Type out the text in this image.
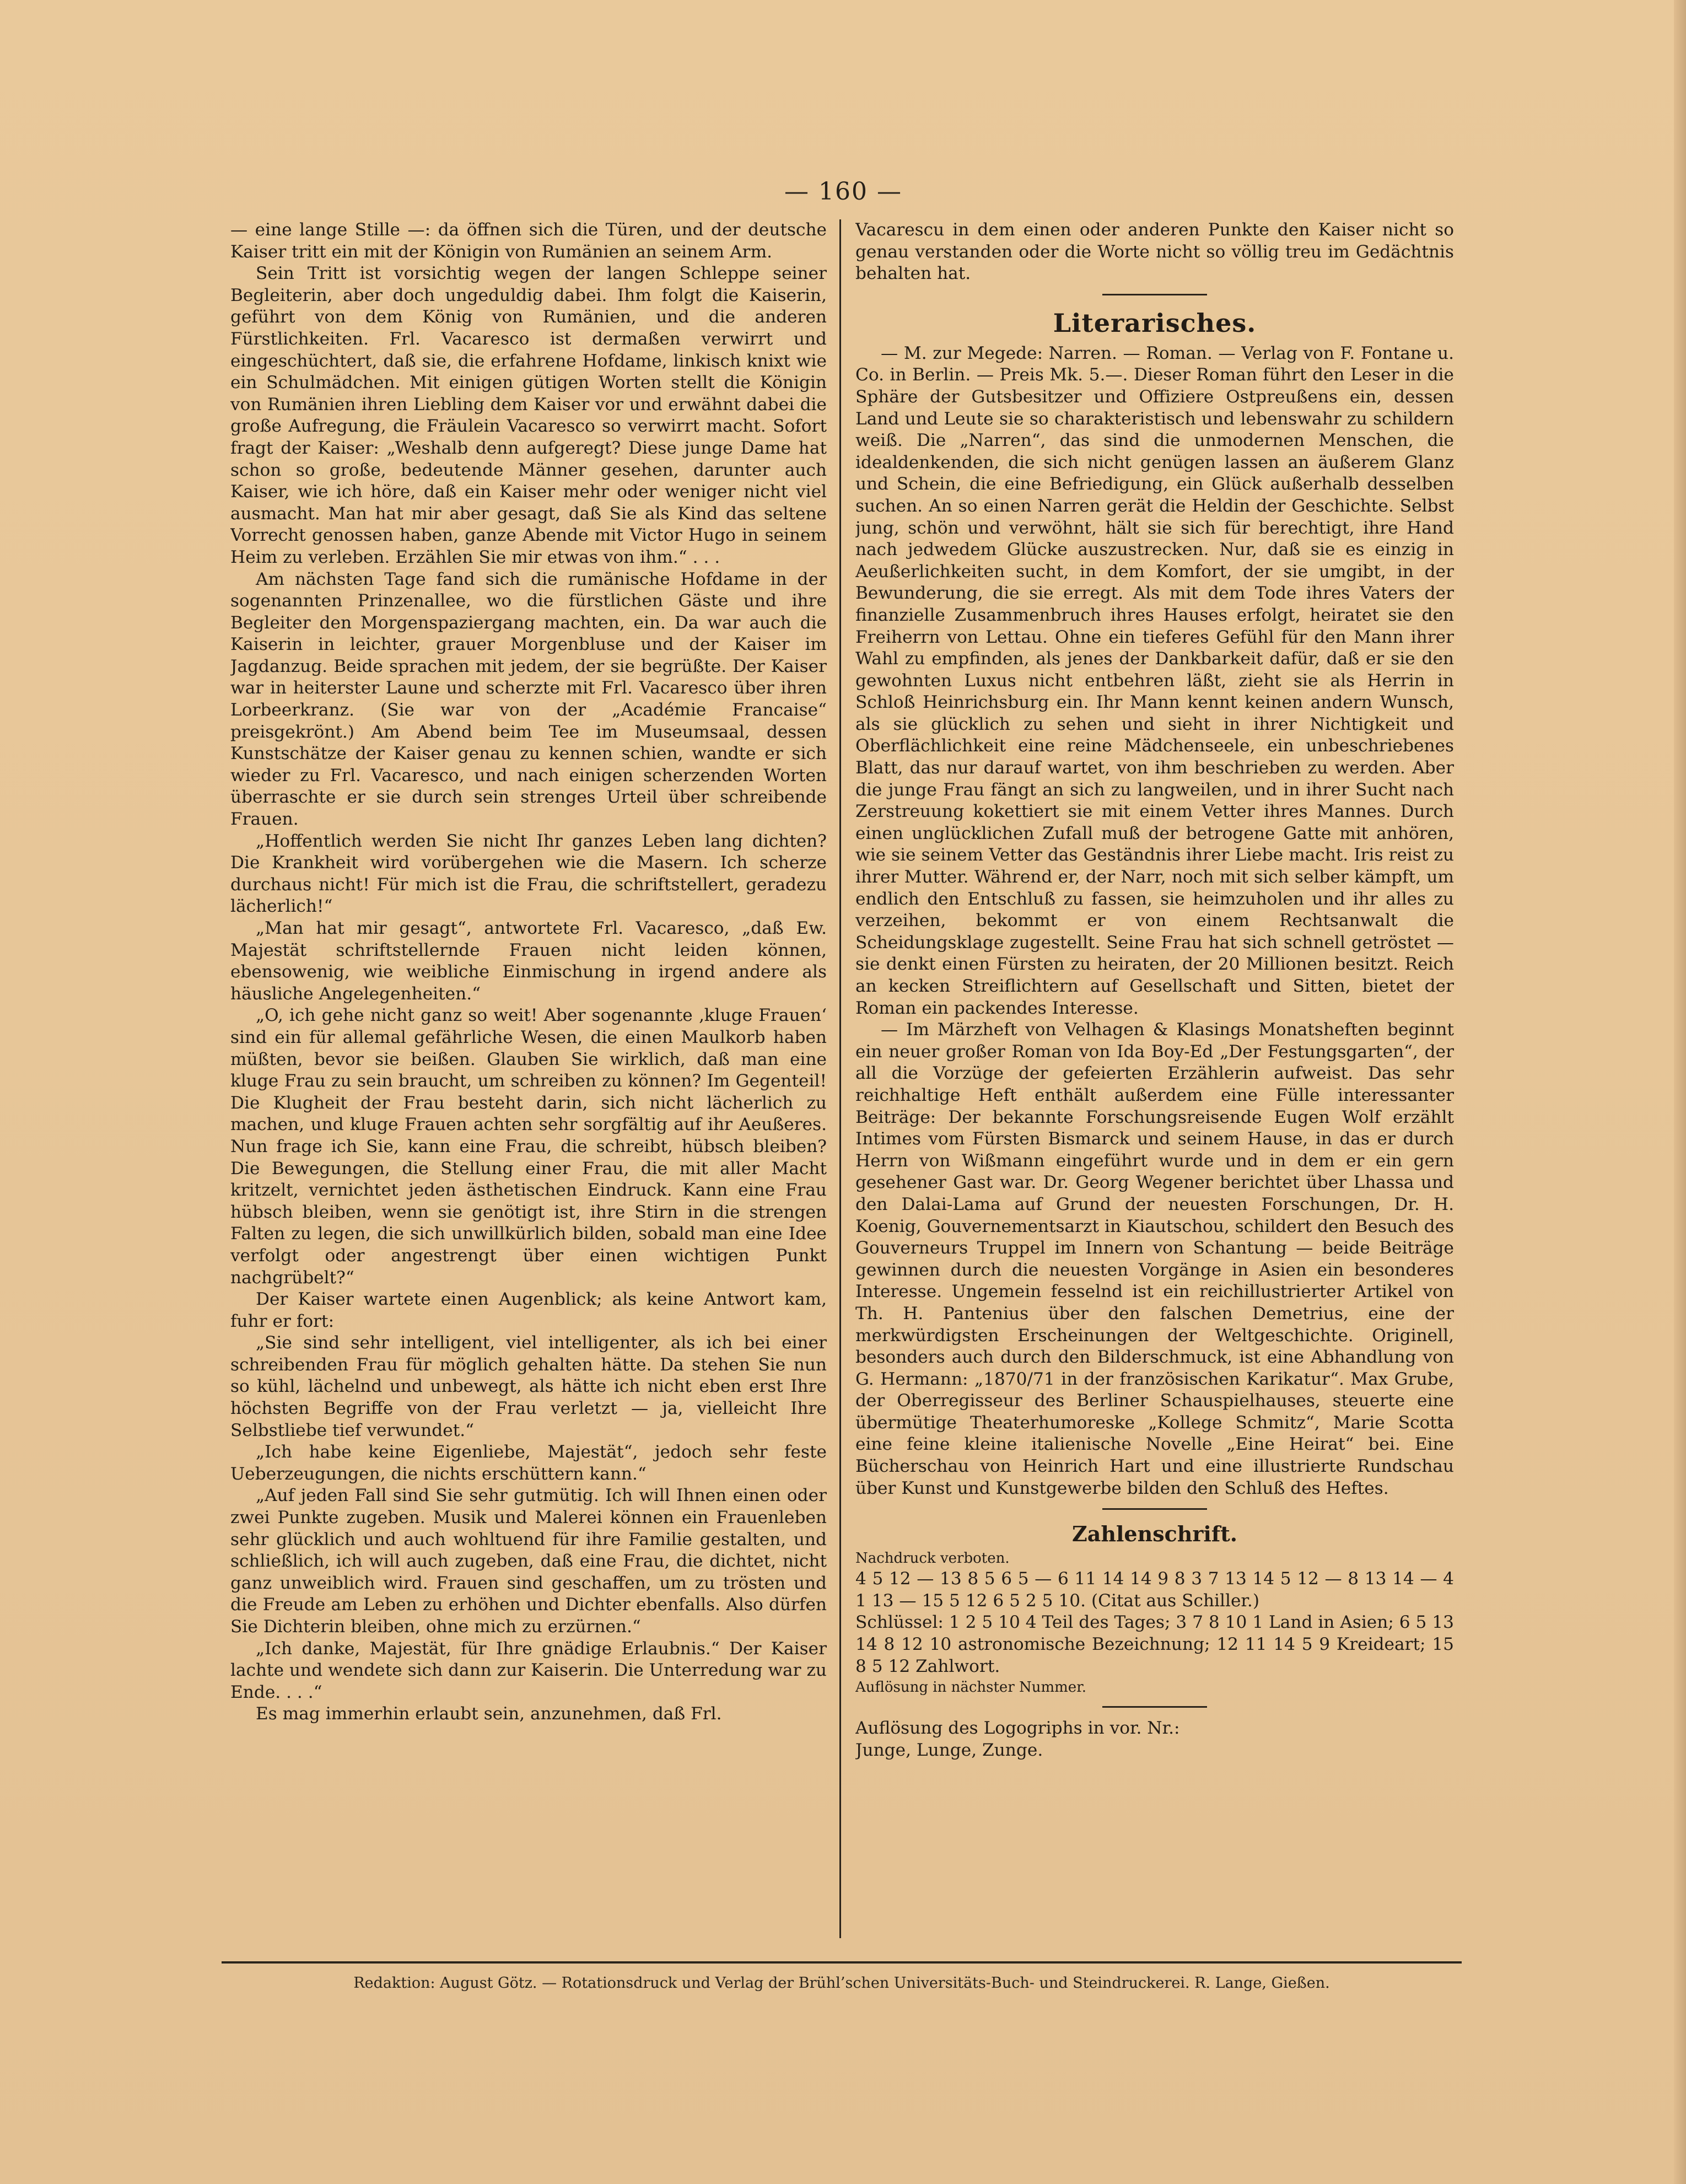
— 160 —

— eine lange Stille —: da öffnen sich die Türen, und der deutsche Kaiser tritt ein mit der Königin von Rumänien an seinem Arm.

Sein Tritt ist vorsichtig wegen der langen Schleppe seiner Begleiterin, aber doch ungeduldig dabei. Ihm folgt die Kaiserin, geführt von dem König von Rumänien, und die anderen Fürstlichkeiten. Frl. Vacaresco ist dermaßen verwirrt und eingeschüchtert, daß sie, die erfahrene Hofdame, linkisch knixt wie ein Schulmädchen. Mit einigen gütigen Worten stellt die Königin von Rumänien ihren Liebling dem Kaiser vor und erwähnt dabei die große Aufregung, die Fräulein Vacaresco so verwirrt macht. Sofort fragt der Kaiser: „Weshalb denn aufgeregt? Diese junge Dame hat schon so große, bedeutende Männer gesehen, darunter auch Kaiser, wie ich höre, daß ein Kaiser mehr oder weniger nicht viel ausmacht. Man hat mir aber gesagt, daß Sie als Kind das seltene Vorrecht genossen haben, ganze Abende mit Victor Hugo in seinem Heim zu verleben. Erzählen Sie mir etwas von ihm.“ . . .

Am nächsten Tage fand sich die rumänische Hofdame in der sogenannten Prinzenallee, wo die fürstlichen Gäste und ihre Begleiter den Morgenspaziergang machten, ein. Da war auch die Kaiserin in leichter, grauer Morgenbluse und der Kaiser im Jagdanzug. Beide sprachen mit jedem, der sie begrüßte. Der Kaiser war in heiterster Laune und scherzte mit Frl. Vacaresco über ihren Lorbeerkranz. (Sie war von der „Académie Francaise“ preisgekrönt.) Am Abend beim Tee im Museumsaal, dessen Kunstschätze der Kaiser genau zu kennen schien, wandte er sich wieder zu Frl. Vacaresco, und nach einigen scherzenden Worten überraschte er sie durch sein strenges Urteil über schreibende Frauen.

„Hoffentlich werden Sie nicht Ihr ganzes Leben lang dichten? Die Krankheit wird vorübergehen wie die Masern. Ich scherze durchaus nicht! Für mich ist die Frau, die schriftstellert, geradezu lächerlich!“

„Man hat mir gesagt“, antwortete Frl. Vacaresco, „daß Ew. Majestät schriftstellernde Frauen nicht leiden können, ebensowenig, wie weibliche Einmischung in irgend andere als häusliche Angelegenheiten.“

„O, ich gehe nicht ganz so weit! Aber sogenannte ‚kluge Frauen‘ sind ein für allemal gefährliche Wesen, die einen Maulkorb haben müßten, bevor sie beißen. Glauben Sie wirklich, daß man eine kluge Frau zu sein braucht, um schreiben zu können? Im Gegenteil! Die Klugheit der Frau besteht darin, sich nicht lächerlich zu machen, und kluge Frauen achten sehr sorgfältig auf ihr Aeußeres. Nun frage ich Sie, kann eine Frau, die schreibt, hübsch bleiben? Die Bewegungen, die Stellung einer Frau, die mit aller Macht kritzelt, vernichtet jeden ästhetischen Eindruck. Kann eine Frau hübsch bleiben, wenn sie genötigt ist, ihre Stirn in die strengen Falten zu legen, die sich unwillkürlich bilden, sobald man eine Idee verfolgt oder angestrengt über einen wichtigen Punkt nachgrübelt?“

Der Kaiser wartete einen Augenblick; als keine Antwort kam, fuhr er fort:

„Sie sind sehr intelligent, viel intelligenter, als ich bei einer schreibenden Frau für möglich gehalten hätte. Da stehen Sie nun so kühl, lächelnd und unbewegt, als hätte ich nicht eben erst Ihre höchsten Begriffe von der Frau verletzt — ja, vielleicht Ihre Selbstliebe tief verwundet.“

„Ich habe keine Eigenliebe, Majestät“, jedoch sehr feste Ueberzeugungen, die nichts erschüttern kann.“

„Auf jeden Fall sind Sie sehr gutmütig. Ich will Ihnen einen oder zwei Punkte zugeben. Musik und Malerei können ein Frauenleben sehr glücklich und auch wohltuend für ihre Familie gestalten, und schließlich, ich will auch zugeben, daß eine Frau, die dichtet, nicht ganz unweiblich wird. Frauen sind geschaffen, um zu trösten und die Freude am Leben zu erhöhen und Dichter ebenfalls. Also dürfen Sie Dichterin bleiben, ohne mich zu erzürnen.“

„Ich danke, Majestät, für Ihre gnädige Erlaubnis.“ Der Kaiser lachte und wendete sich dann zur Kaiserin. Die Unterredung war zu Ende. . . .“

Es mag immerhin erlaubt sein, anzunehmen, daß Frl.

Vacarescu in dem einen oder anderen Punkte den Kaiser nicht so genau verstanden oder die Worte nicht so völlig treu im Gedächtnis behalten hat.

Literarisches.

— M. zur Megede: Narren. — Roman. — Verlag von F. Fontane u. Co. in Berlin. — Preis Mk. 5.—. Dieser Roman führt den Leser in die Sphäre der Gutsbesitzer und Offiziere Ostpreußens ein, dessen Land und Leute sie so charakteristisch und lebenswahr zu schildern weiß. Die „Narren“, das sind die unmodernen Menschen, die idealdenkenden, die sich nicht genügen lassen an äußerem Glanz und Schein, die eine Befriedigung, ein Glück außerhalb desselben suchen. An so einen Narren gerät die Heldin der Geschichte. Selbst jung, schön und verwöhnt, hält sie sich für berechtigt, ihre Hand nach jedwedem Glücke auszustrecken. Nur, daß sie es einzig in Aeußerlichkeiten sucht, in dem Komfort, der sie umgibt, in der Bewunderung, die sie erregt. Als mit dem Tode ihres Vaters der finanzielle Zusammenbruch ihres Hauses erfolgt, heiratet sie den Freiherrn von Lettau. Ohne ein tieferes Gefühl für den Mann ihrer Wahl zu empfinden, als jenes der Dankbarkeit dafür, daß er sie den gewohnten Luxus nicht entbehren läßt, zieht sie als Herrin in Schloß Heinrichsburg ein. Ihr Mann kennt keinen andern Wunsch, als sie glücklich zu sehen und sieht in ihrer Nichtigkeit und Oberflächlichkeit eine reine Mädchenseele, ein unbeschriebenes Blatt, das nur darauf wartet, von ihm beschrieben zu werden. Aber die junge Frau fängt an sich zu langweilen, und in ihrer Sucht nach Zerstreuung kokettiert sie mit einem Vetter ihres Mannes. Durch einen unglücklichen Zufall muß der betrogene Gatte mit anhören, wie sie seinem Vetter das Geständnis ihrer Liebe macht. Iris reist zu ihrer Mutter. Während er, der Narr, noch mit sich selber kämpft, um endlich den Entschluß zu fassen, sie heimzuholen und ihr alles zu verzeihen, bekommt er von einem Rechtsanwalt die Scheidungsklage zugestellt. Seine Frau hat sich schnell getröstet — sie denkt einen Fürsten zu heiraten, der 20 Millionen besitzt. Reich an kecken Streiflichtern auf Gesellschaft und Sitten, bietet der Roman ein packendes Interesse.

— Im Märzheft von Velhagen & Klasings Monatsheften beginnt ein neuer großer Roman von Ida Boy-Ed „Der Festungsgarten“, der all die Vorzüge der gefeierten Erzählerin aufweist. Das sehr reichhaltige Heft enthält außerdem eine Fülle interessanter Beiträge: Der bekannte Forschungsreisende Eugen Wolf erzählt Intimes vom Fürsten Bismarck und seinem Hause, in das er durch Herrn von Wißmann eingeführt wurde und in dem er ein gern gesehener Gast war. Dr. Georg Wegener berichtet über Lhassa und den Dalai-Lama auf Grund der neuesten Forschungen, Dr. H. Koenig, Gouvernementsarzt in Kiautschou, schildert den Besuch des Gouverneurs Truppel im Innern von Schantung — beide Beiträge gewinnen durch die neuesten Vorgänge in Asien ein besonderes Interesse. Ungemein fesselnd ist ein reichillustrierter Artikel von Th. H. Pantenius über den falschen Demetrius, eine der merkwürdigsten Erscheinungen der Weltgeschichte. Originell, besonders auch durch den Bilderschmuck, ist eine Abhandlung von G. Hermann: „1870/71 in der französischen Karikatur“. Max Grube, der Oberregisseur des Berliner Schauspielhauses, steuerte eine übermütige Theaterhumoreske „Kollege Schmitz“, Marie Scotta eine feine kleine italienische Novelle „Eine Heirat“ bei. Eine Bücherschau von Heinrich Hart und eine illustrierte Rundschau über Kunst und Kunstgewerbe bilden den Schluß des Heftes.

Zahlenschrift.

Nachdruck verboten.

4 5 12 — 13 8 5 6 5 — 6 11 14 14 9 8 3 7 13 14 5 12 — 8 13 14 — 4 1 13 — 15 5 12 6 5 2 5 10. (Citat aus Schiller.)

Schlüssel: 1 2 5 10 4 Teil des Tages; 3 7 8 10 1 Land in Asien; 6 5 13 14 8 12 10 astronomische Bezeichnung; 12 11 14 5 9 Kreideart; 15 8 5 12 Zahlwort.

Auflösung in nächster Nummer.

Auflösung des Logogriphs in vor. Nr.:

Junge, Lunge, Zunge.

Redaktion: August Götz. — Rotationsdruck und Verlag der Brühl’schen Universitäts-Buch- und Steindruckerei. R. Lange, Gießen.
